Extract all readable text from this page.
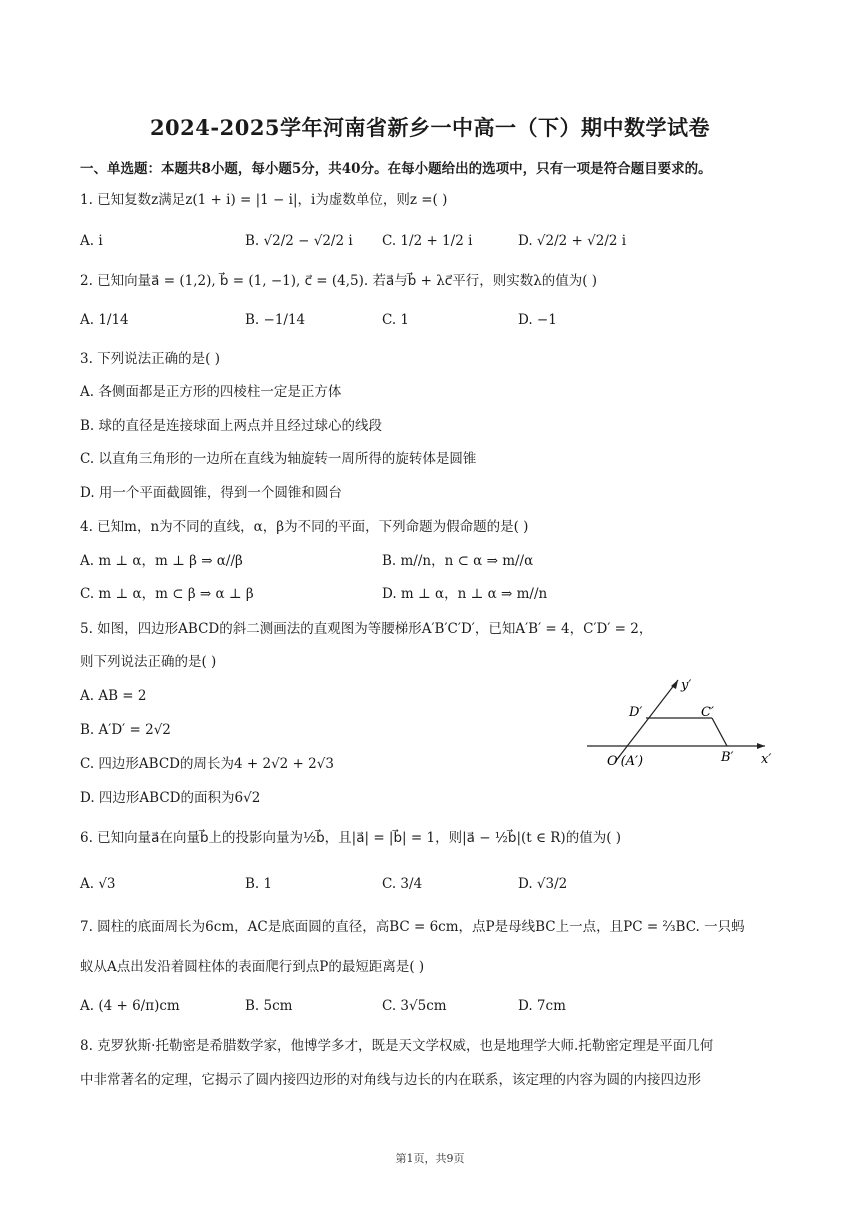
2024-2025学年河南省新乡一中高一（下）期中数学试卷
一、单选题：本题共8小题，每小题5分，共40分。在每小题给出的选项中，只有一项是符合题目要求的。
1. 已知复数z满足z(1 + i) = |1 − i|，i为虚数单位，则z =( )
A. i	B. √2/2 − √2/2 i C. 1/2 + 1/2 i	D. √2/2 + √2/2 i
2. 已知向量a⃗ = (1,2), b⃗ = (1, −1), c⃗ = (4,5). 若a⃗与b⃗ + λc⃗平行，则实数λ的值为( )
A. 1/14	B. −1/14	C. 1	D. −1
3. 下列说法正确的是( )
A. 各侧面都是正方形的四棱柱一定是正方体
B. 球的直径是连接球面上两点并且经过球心的线段
C. 以直角三角形的一边所在直线为轴旋转一周所得的旋转体是圆锥
D. 用一个平面截圆锥，得到一个圆锥和圆台
4. 已知m，n为不同的直线，α，β为不同的平面，下列命题为假命题的是( )
A. m ⊥ α，m ⊥ β ⇒ α//β	B. m//n，n ⊂ α ⇒ m//α
C. m ⊥ α，m ⊂ β ⇒ α ⊥ β	D. m ⊥ α，n ⊥ α ⇒ m//n
5. 如图，四边形ABCD的斜二测画法的直观图为等腰梯形A′B′C′D′，已知A′B′ = 4，C′D′ = 2，
则下列说法正确的是( )
A. AB = 2
B. A′D′ = 2√2
C. 四边形ABCD的周长为4 + 2√2 + 2√3
D. 四边形ABCD的面积为6√2
y′
x′
D′	C′
O′(A′)	B′
6. 已知向量a⃗在向量b⃗上的投影向量为½b⃗，且|a⃗| = |b⃗| = 1，则|a⃗ − ½b⃗|(t ∈ R)的值为( )
A. √3	B. 1	C. 3/4	D. √3/2
7. 圆柱的底面周长为6cm，AC是底面圆的直径，高BC = 6cm，点P是母线BC上一点，且PC = ⅔BC. 一只蚂
蚁从A点出发沿着圆柱体的表面爬行到点P的最短距离是( )
A. (4 + 6/π)cm	B. 5cm	C. 3√5cm	D. 7cm
8. 克罗狄斯·托勒密是希腊数学家，他博学多才，既是天文学权威，也是地理学大师.托勒密定理是平面几何
中非常著名的定理，它揭示了圆内接四边形的对角线与边长的内在联系，该定理的内容为圆的内接四边形
第1页，共9页
